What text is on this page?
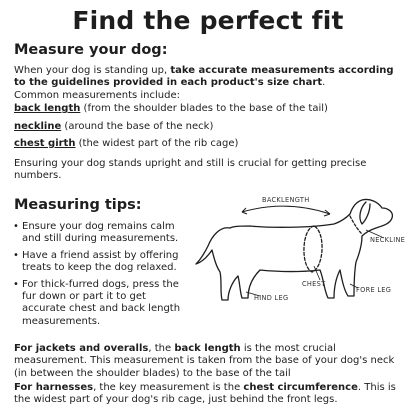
Find the perfect fit
Measure your dog:
When your dog is standing up, take accurate measurements according to the guidelines provided in each product's size chart.
Common measurements include:
back length (from the shoulder blades to the base of the tail)
neckline (around the base of the neck)
chest girth (the widest part of the rib cage)
Ensuring your dog stands upright and still is crucial for getting precise numbers.
Measuring tips:
• Ensure your dog remains calm and still during measurements.
• Have a friend assist by offering treats to keep the dog relaxed.
• For thick-furred dogs, press the fur down or part it to get accurate chest and back length measurements.
BACKLENGTH
NECKLINE
CHEST
FORE LEG
HIND LEG
For jackets and overalls, the back length is the most crucial measurement. This measurement is taken from the base of your dog's neck (in between the shoulder blades) to the base of the tail
For harnesses, the key measurement is the chest circumference. This is the widest part of your dog's rib cage, just behind the front legs.
